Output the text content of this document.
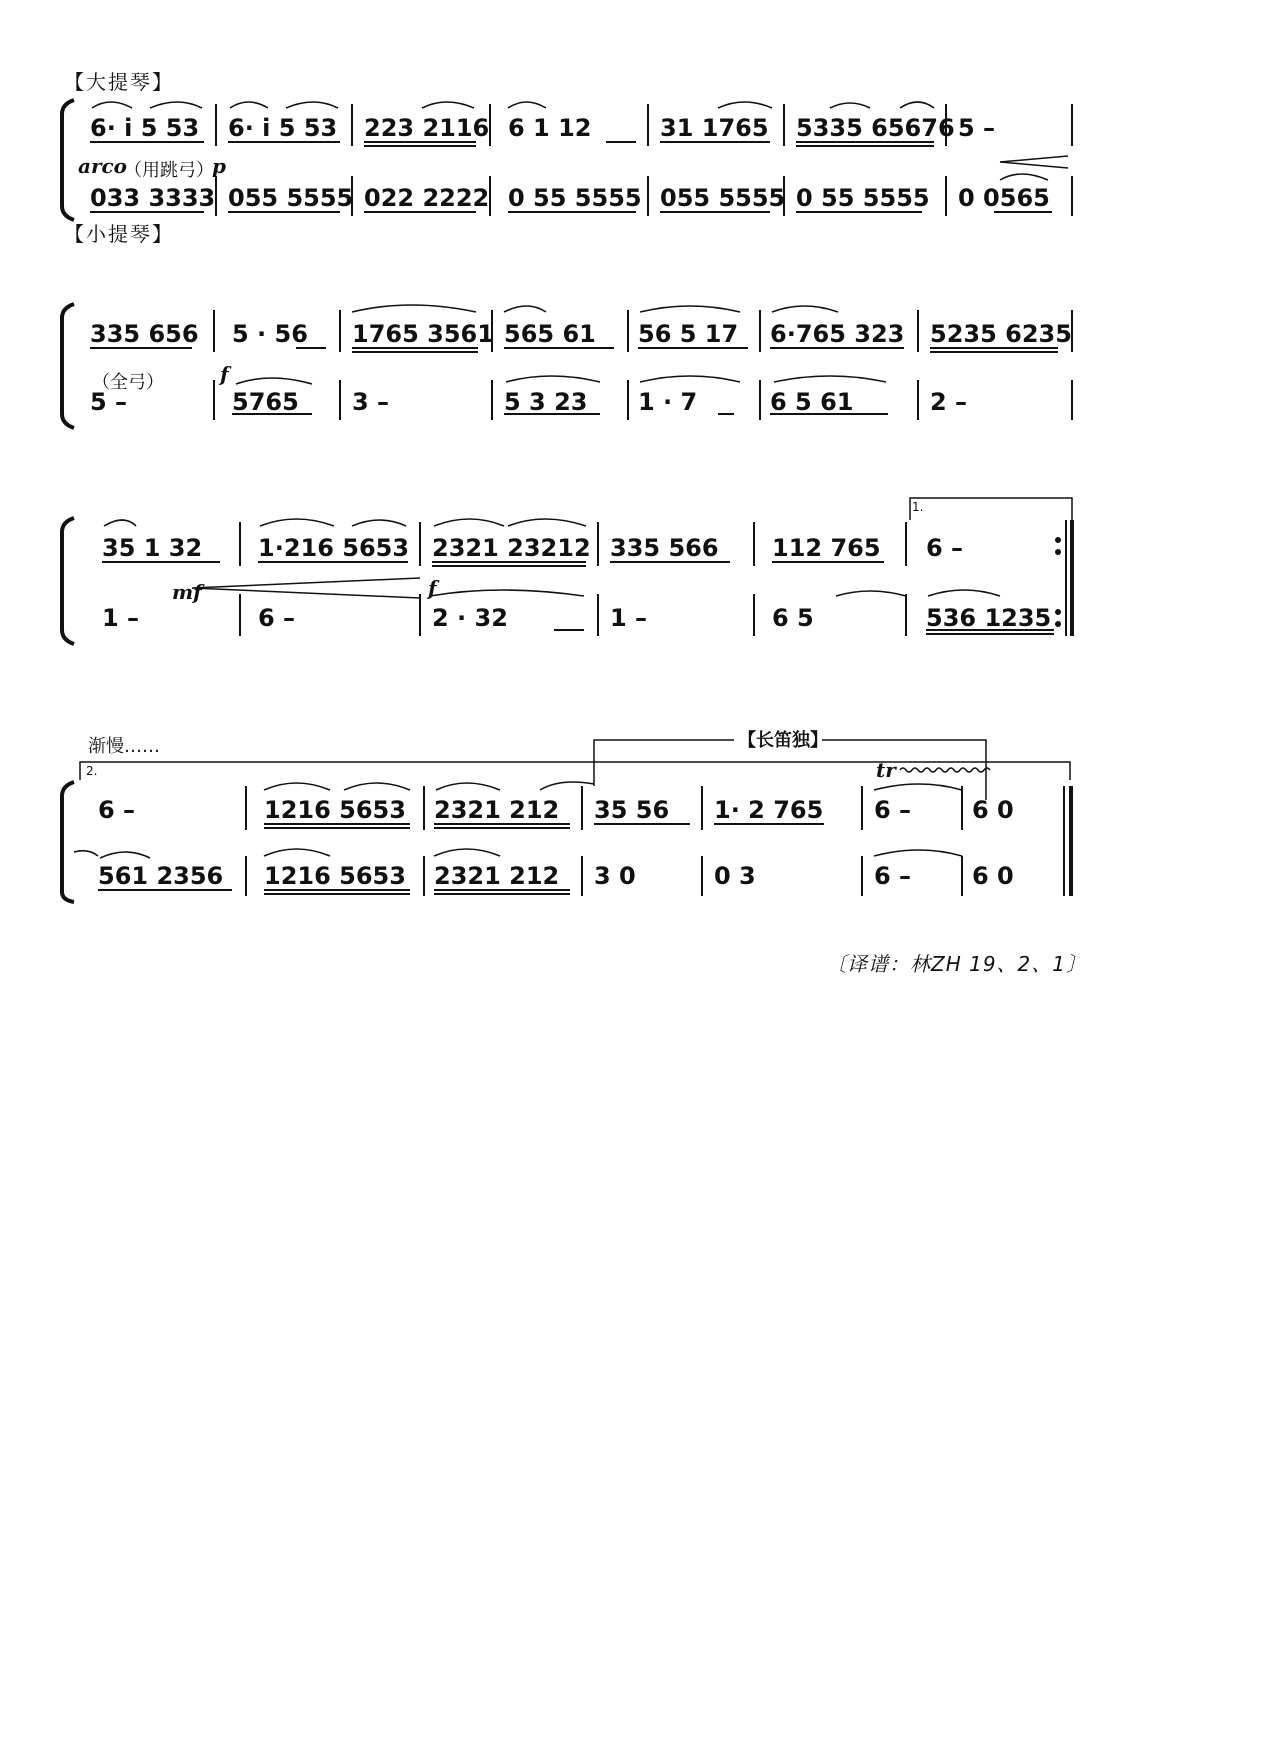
【大提琴】
【小提琴】
arco
（用跳弓）
p
（全弓）	f
mf	f
1.
2.
渐慢……	【长笛独】
tr
〔译谱：林ZH 19、2、1〕
6· i̇ 5 53 6· i̇ 5 53 223 2116 6 1 12	31 1765 5335 65676 5 –
033 3333 055 5555 022 2222 0 55 5555 055 5555 0 55 5555 0 0565
335 656 5 · 56 1765 3561 565 61 56 5 17 6·765 323 5235 6235
5 –	5765 3 –	5 3 23 1 · 7	6 5 61	2 –
35 1 32 1·216 5653 2321 23212 335 566 112 765 6 –
1 –	6 –	2 · 32	1 –	6 5	536 1235
6 –	1216 5653 2321 212 35 56 1· 2 765 6 –	6 0
561 2356 1216 5653 2321 212 3 0	0 3	6 –	6 0
